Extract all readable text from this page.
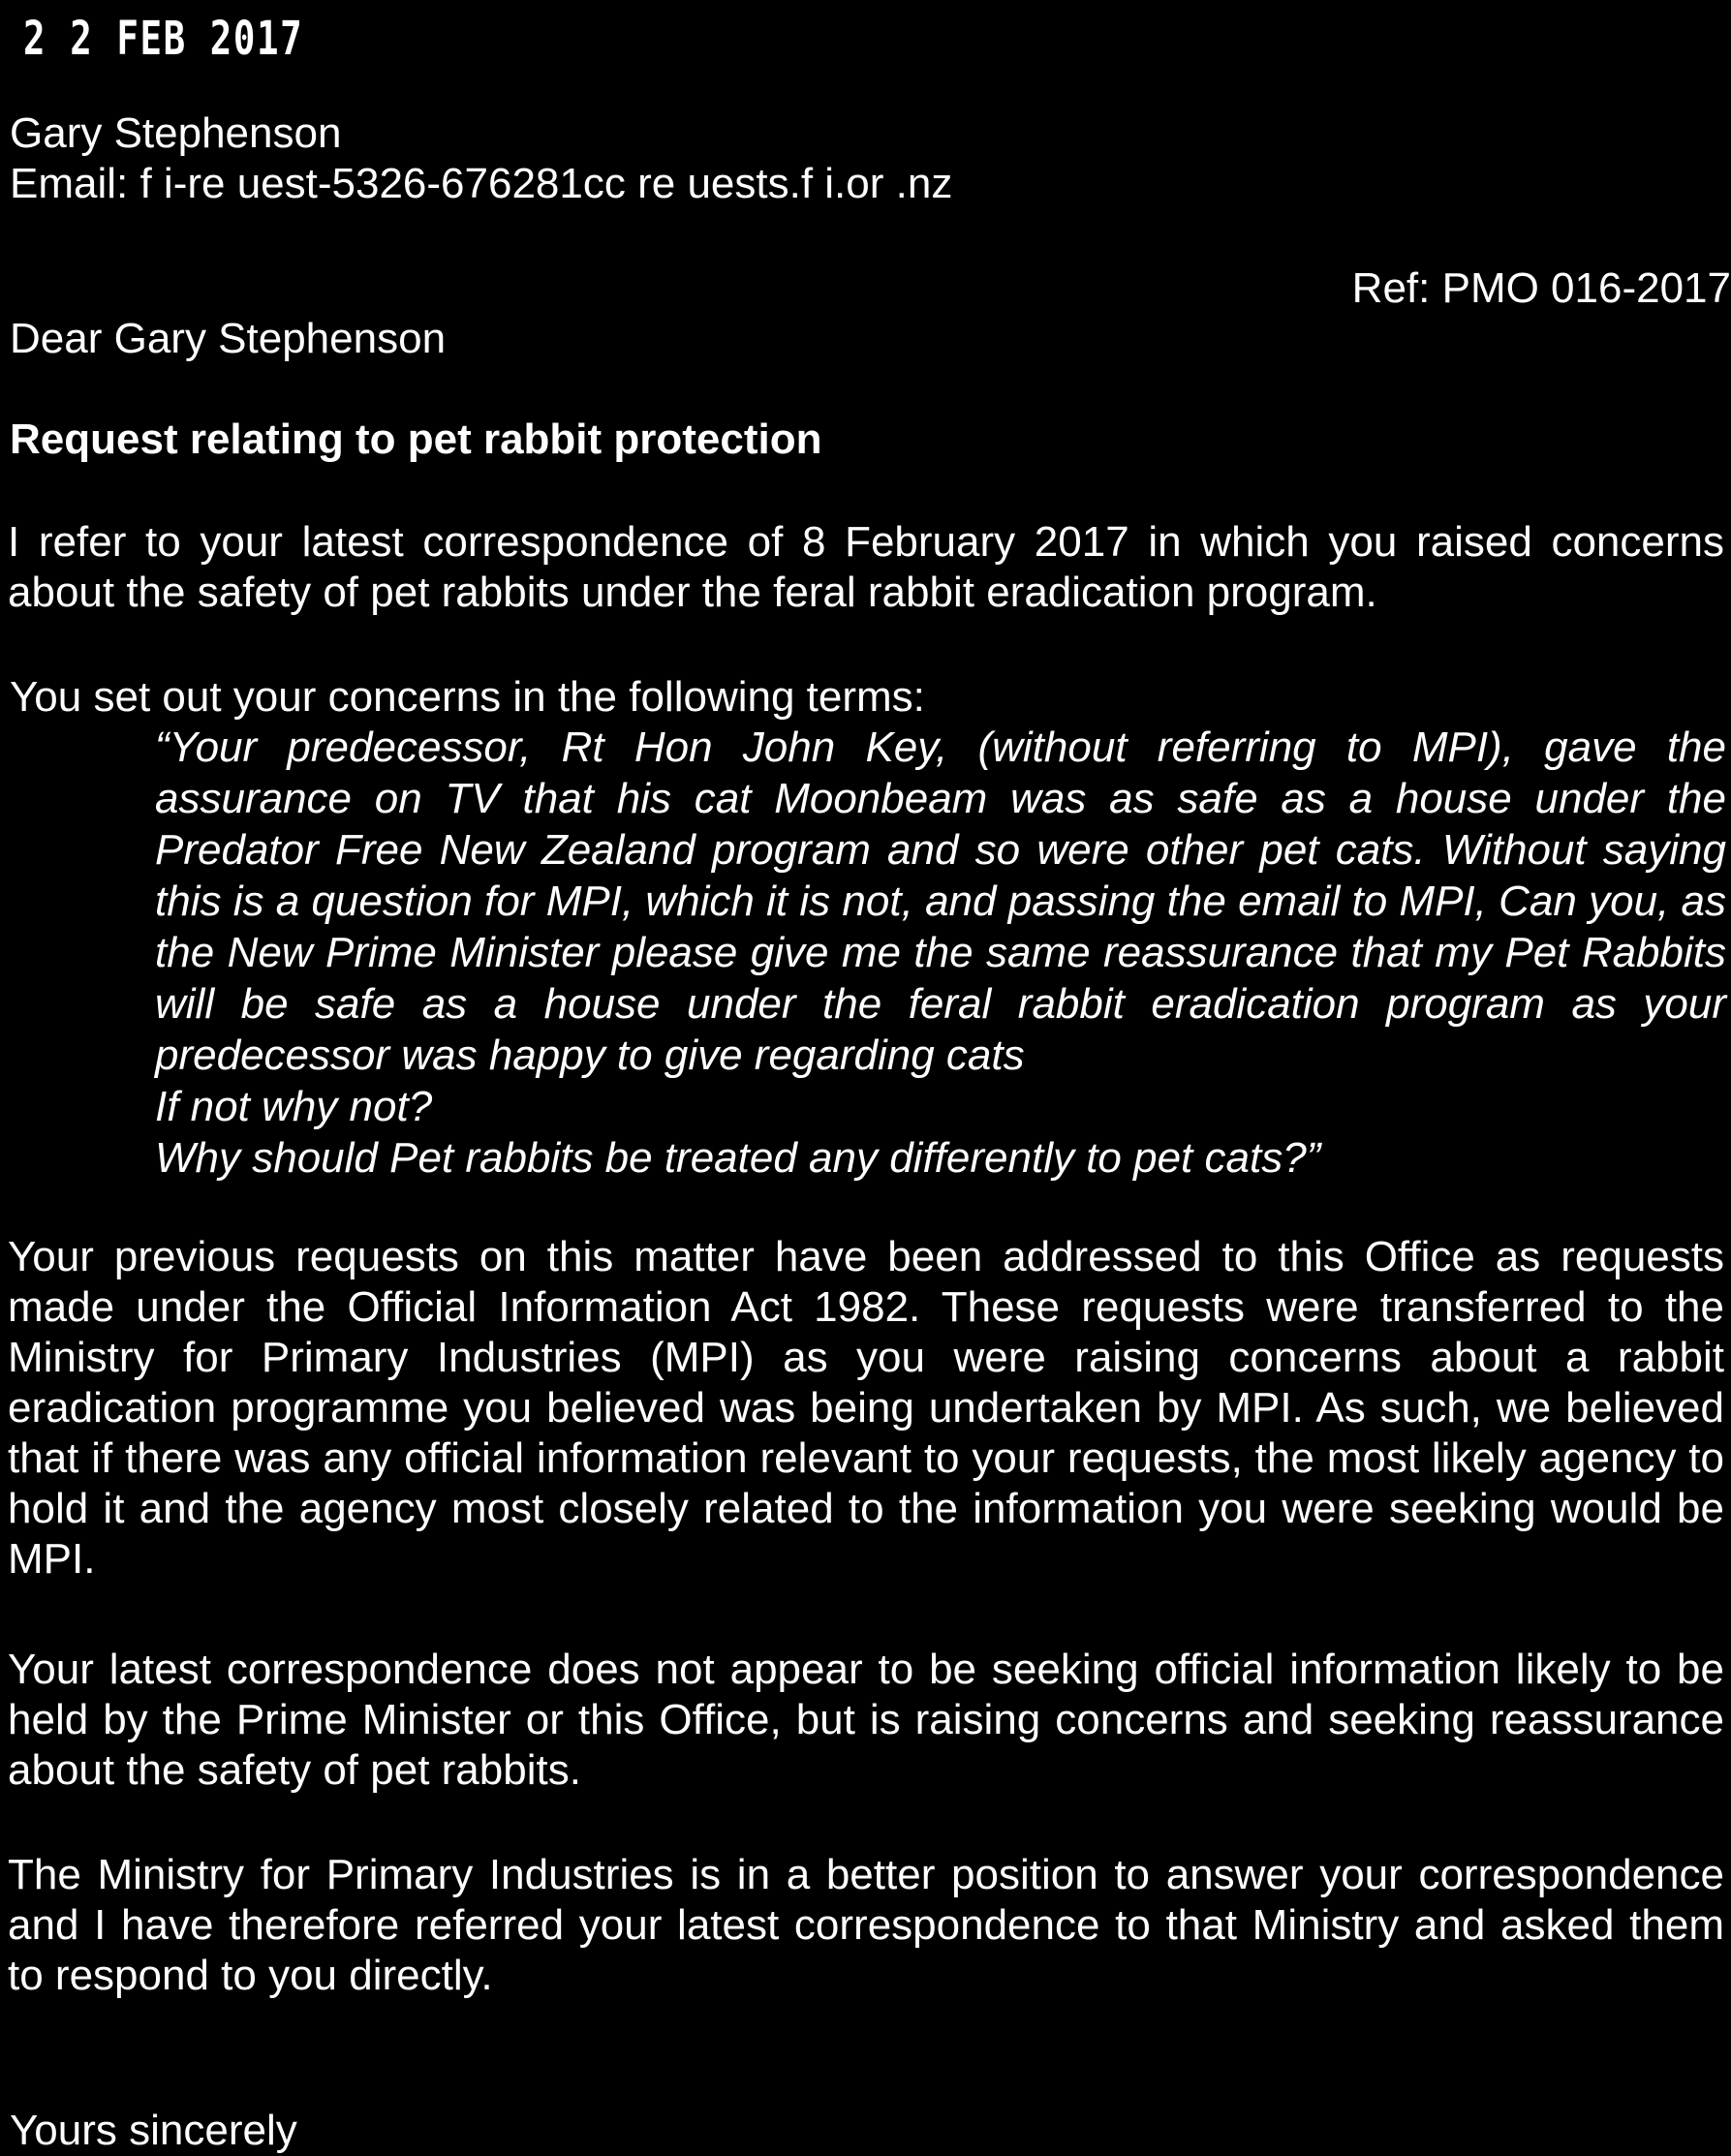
2 2 FEB 2017
Gary Stephenson
Email: f i-re uest-5326-676281cc re uests.f i.or .nz
Ref: PMO 016-2017
Dear Gary Stephenson
Request relating to pet rabbit protection

I refer to your latest correspondence of 8 February 2017 in which you raised concerns about the safety of pet rabbits under the feral rabbit eradication program.

You set out your concerns in the following terms:

“Your predecessor, Rt Hon John Key, (without referring to MPI), gave the assurance on TV that his cat Moonbeam was as safe as a house under the Predator Free New Zealand program and so were other pet cats. Without saying this is a question for MPI, which it is not, and passing the email to MPI, Can you, as the New Prime Minister please give me the same reassurance that my Pet Rabbits will be safe as a house under the feral rabbit eradication program as your predecessor was happy to give regarding cats

If not why not?

Why should Pet rabbits be treated any differently to pet cats?”

Your previous requests on this matter have been addressed to this Office as requests made under the Official Information Act 1982. These requests were transferred to the Ministry for Primary Industries (MPI) as you were raising concerns about a rabbit eradication programme you believed was being undertaken by MPI. As such, we believed that if there was any official information relevant to your requests, the most likely agency to hold it and the agency most closely related to the information you were seeking would be MPI.

Your latest correspondence does not appear to be seeking official information likely to be held by the Prime Minister or this Office, but is raising concerns and seeking reassurance about the safety of pet rabbits.

The Ministry for Primary Industries is in a better position to answer your correspondence and I have therefore referred your latest correspondence to that Ministry and asked them to respond to you directly.

Yours sincerely
